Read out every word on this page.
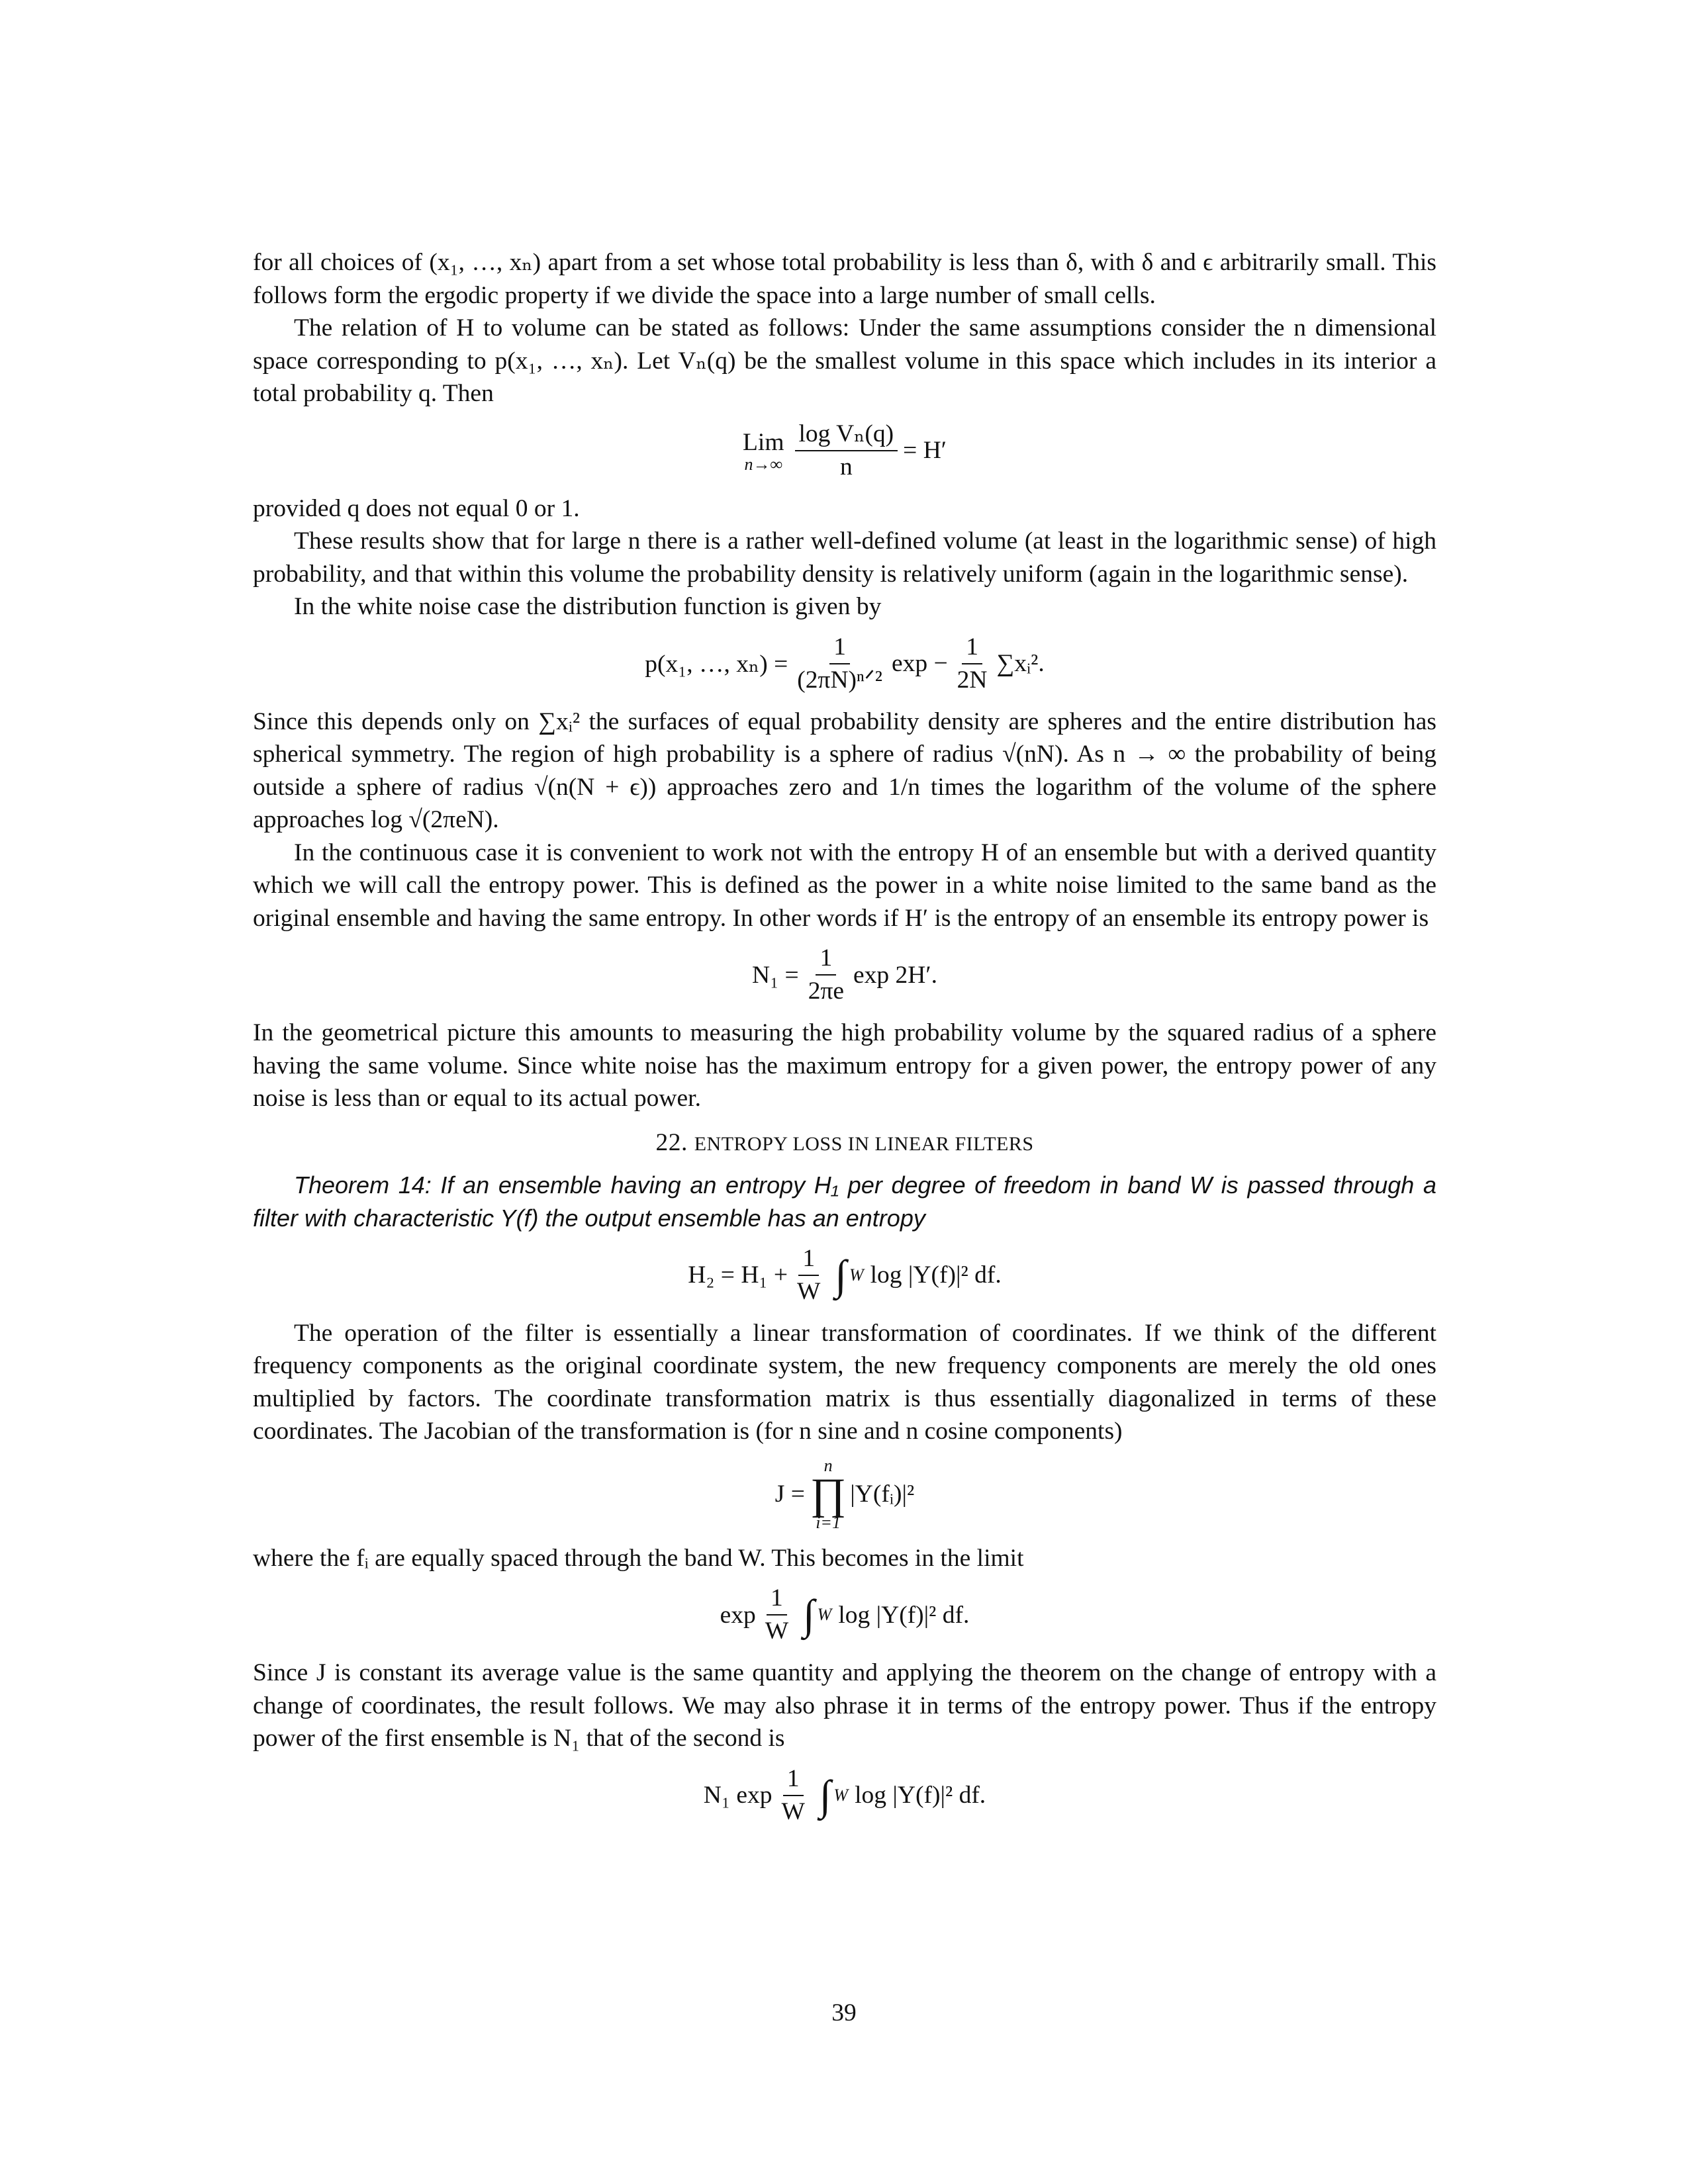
for all choices of (x₁, …, xₙ) apart from a set whose total probability is less than δ, with δ and ϵ arbitrarily small. This follows form the ergodic property if we divide the space into a large number of small cells.

The relation of H to volume can be stated as follows: Under the same assumptions consider the n dimensional space corresponding to p(x₁, …, xₙ). Let Vₙ(q) be the smallest volume in this space which includes in its interior a total probability q. Then

Lim
$n\to\infty \frac{\text{log Vₙ(q)}}{n} = H'$

provided q does not equal 0 or 1.

These results show that for large n there is a rather well-defined volume (at least in the logarithmic sense) of high probability, and that within this volume the probability density is relatively uniform (again in the logarithmic sense).

In the white noise case the distribution function is given by

p(x₁, …, $x_n) = \frac{1}{\text{(2πN)ⁿᐟ²}}$ $\exp - \frac{1}{2N}$ ∑xᵢ².

Since this depends only on ∑xᵢ² the surfaces of equal probability density are spheres and the entire distribution has spherical symmetry. The region of high probability is a sphere of radius √(nN). As n → ∞ the probability of being outside a sphere of radius √(n(N + ϵ)) approaches zero and 1/n times the logarithm of the volume of the sphere approaches log √(2πeN).

In the continuous case it is convenient to work not with the entropy H of an ensemble but with a derived quantity which we will call the entropy power. This is defined as the power in a white noise limited to the same band as the original ensemble and having the same entropy. In other words if H′ is the entropy of an ensemble its entropy power is

$N_1 = \frac{1}{2\pi e}$ exp 2H′.

In the geometrical picture this amounts to measuring the high probability volume by the squared radius of a sphere having the same volume. Since white noise has the maximum entropy for a given power, the entropy power of any noise is less than or equal to its actual power.

22. ENTROPY LOSS IN LINEAR FILTERS

Theorem 14: If an ensemble having an entropy H₁ per degree of freedom in band W is passed through a filter with characteristic Y(f) the output ensemble has an entropy

$H_2 = H_1 + \frac{1}{W}$ ∫ W log |Y(f)|² df.

The operation of the filter is essentially a linear transformation of coordinates. If we think of the different frequency components as the original coordinate system, the new frequency components are merely the old ones multiplied by factors. The coordinate transformation matrix is thus essentially diagonalized in terms of these coordinates. The Jacobian of the transformation is (for n sine and n cosine components)

J =
n
∏
i=1
|Y(fᵢ)|²

where the fᵢ are equally spaced through the band W. This becomes in the limit

$\exp \frac{1}{W}$ ∫ W log |Y(f)|² df.

Since J is constant its average value is the same quantity and applying the theorem on the change of entropy with a change of coordinates, the result follows. We may also phrase it in terms of the entropy power. Thus if the entropy power of the first ensemble is N₁ that of the second is

N₁ $\exp \frac{1}{W}$ ∫ W log |Y(f)|² df.
39
